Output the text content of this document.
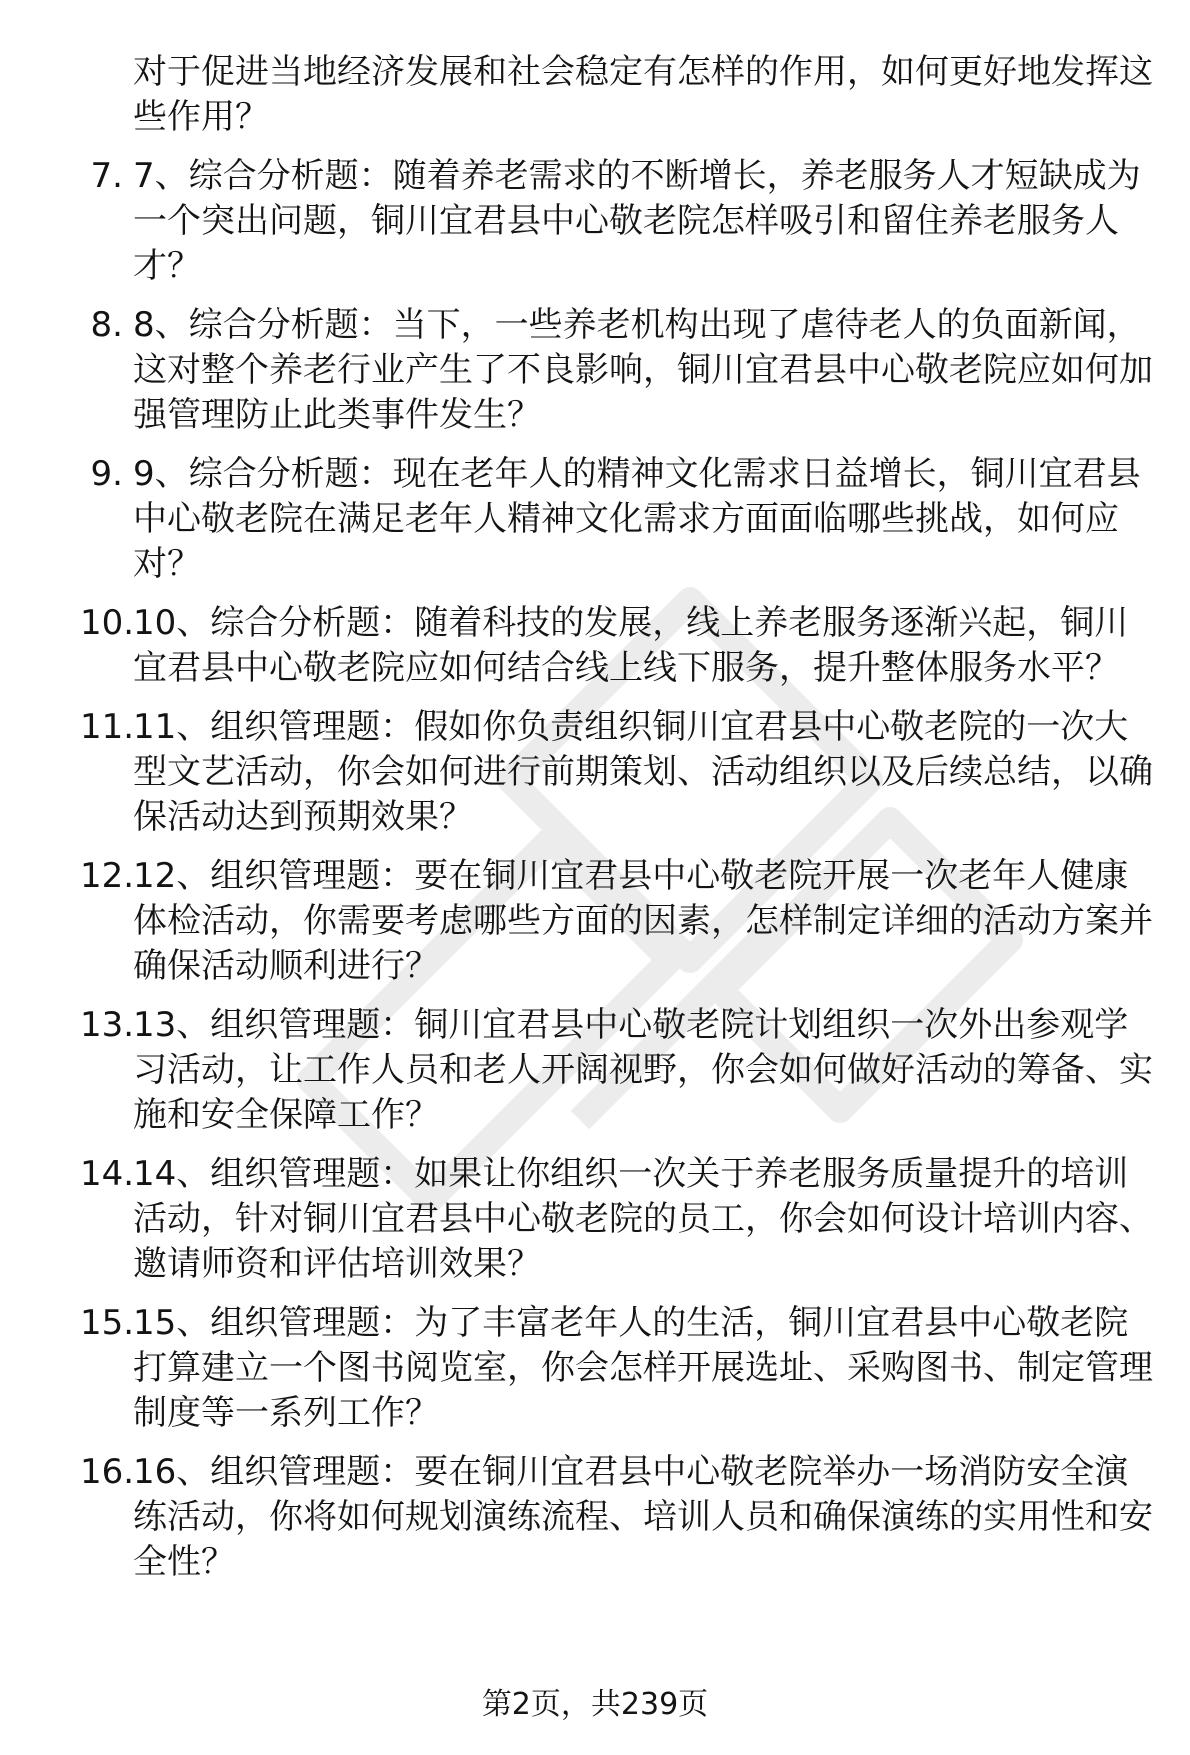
对于促进当地经济发展和社会稳定有怎样的作用，如何更好地发挥这些作用？
7. 7、综合分析题：随着养老需求的不断增长，养老服务人才短缺成为一个突出问题，铜川宜君县中心敬老院怎样吸引和留住养老服务人才？
8. 8、综合分析题：当下，一些养老机构出现了虐待老人的负面新闻，这对整个养老行业产生了不良影响，铜川宜君县中心敬老院应如何加强管理防止此类事件发生？
9. 9、综合分析题：现在老年人的精神文化需求日益增长，铜川宜君县中心敬老院在满足老年人精神文化需求方面面临哪些挑战，如何应对？
10.
10、综合分析题：随着科技的发展，线上养老服务逐渐兴起，铜川宜君县中心敬老院应如何结合线上线下服务，提升整体服务水平？
11.
11、组织管理题：假如你负责组织铜川宜君县中心敬老院的一次大型文艺活动，你会如何进行前期策划、活动组织以及后续总结，以确保活动达到预期效果？
12.
12、组织管理题：要在铜川宜君县中心敬老院开展一次老年人健康体检活动，你需要考虑哪些方面的因素，怎样制定详细的活动方案并确保活动顺利进行？
13.
13、组织管理题：铜川宜君县中心敬老院计划组织一次外出参观学习活动，让工作人员和老人开阔视野，你会如何做好活动的筹备、实施和安全保障工作？
14.
14、组织管理题：如果让你组织一次关于养老服务质量提升的培训活动，针对铜川宜君县中心敬老院的员工，你会如何设计培训内容、邀请师资和评估培训效果？
15.
15、组织管理题：为了丰富老年人的生活，铜川宜君县中心敬老院打算建立一个图书阅览室，你会怎样开展选址、采购图书、制定管理制度等一系列工作？
16.
16、组织管理题：要在铜川宜君县中心敬老院举办一场消防安全演练活动，你将如何规划演练流程、培训人员和确保演练的实用性和安全性？
第2页，共239页
